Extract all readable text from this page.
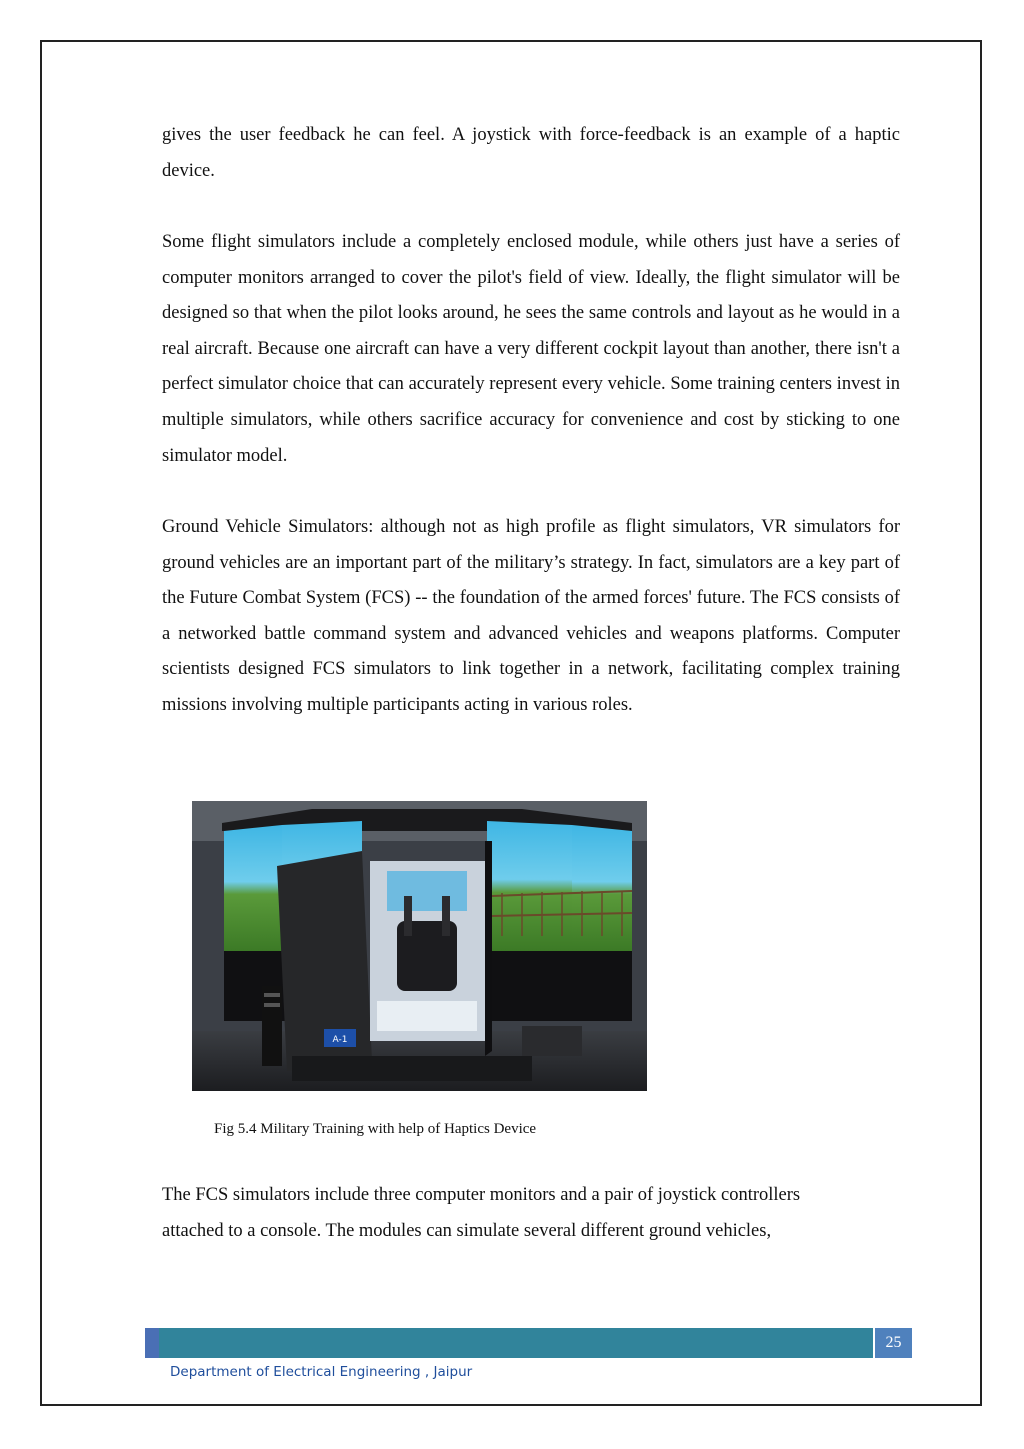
gives the user feedback he can feel. A joystick with force-feedback is an example of a haptic device.

Some flight simulators include a completely enclosed module, while others just have a series of computer monitors arranged to cover the pilot's field of view. Ideally, the flight simulator will be designed so that when the pilot looks around, he sees the same controls and layout as he would in a real aircraft. Because one aircraft can have a very different cockpit layout than another, there isn't a perfect simulator choice that can accurately represent every vehicle. Some training centers invest in multiple simulators, while others sacrifice accuracy for convenience and cost by sticking to one simulator model.

Ground Vehicle Simulators: although not as high profile as flight simulators, VR simulators for ground vehicles are an important part of the military’s strategy. In fact, simulators are a key part of the Future Combat System (FCS) -- the foundation of the armed forces' future. The FCS consists of a networked battle command system and advanced vehicles and weapons platforms. Computer scientists designed FCS simulators to link together in a network, facilitating complex training missions involving multiple participants acting in various roles.

A-1
Fig 5.4 Military Training with help of Haptics Device

The FCS simulators include three computer monitors and a pair of joystick controllers
attached to a console. The modules can simulate several different ground vehicles,

25
Department of Electrical Engineering , Jaipur
